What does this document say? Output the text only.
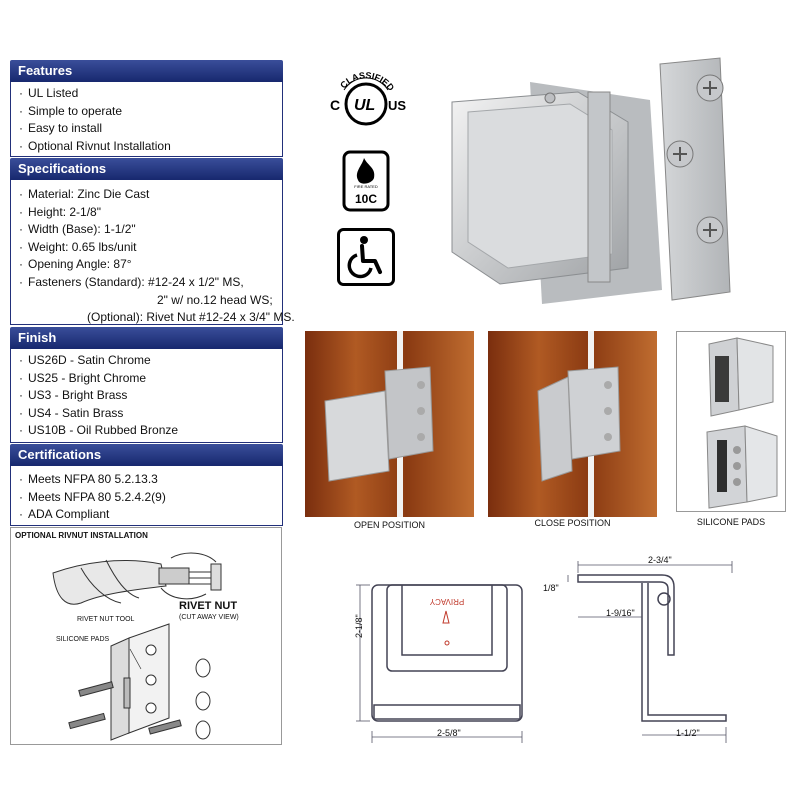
Features
· UL Listed
· Simple to operate
· Easy to install
· Optional Rivnut Installation
Specifications
· Material: Zinc Die Cast
· Height: 2-1/8"
· Width (Base): 1-1/2"
· Weight: 0.65 lbs/unit
· Opening Angle: 87°
· Fasteners (Standard): #12-24 x 1/2" MS,
2" w/ no.12 head WS;
(Optional): Rivet Nut #12-24 x 3/4" MS.
Finish
· US26D - Satin Chrome
· US25 - Bright Chrome
· US3 - Bright Brass
· US4 - Satin Brass
· US10B - Oil Rubbed Bronze
Certifications
· Meets NFPA 80 5.2.13.3
· Meets NFPA 80 5.2.4.2(9)
· ADA Compliant
OPTIONAL RIVNUT INSTALLATION
RIVET NUT TOOL
RIVET NUT
(CUT AWAY VIEW)
SILICONE PADS
CLASSIFIED
UL
C	US
FIRE RATED
10C
OPEN POSITION	CLOSE POSITION	SILICONE PADS
PRIVACY
2-1/8"
2-5/8"
2-3/4"
1/8"
1-9/16"
1-1/2"
